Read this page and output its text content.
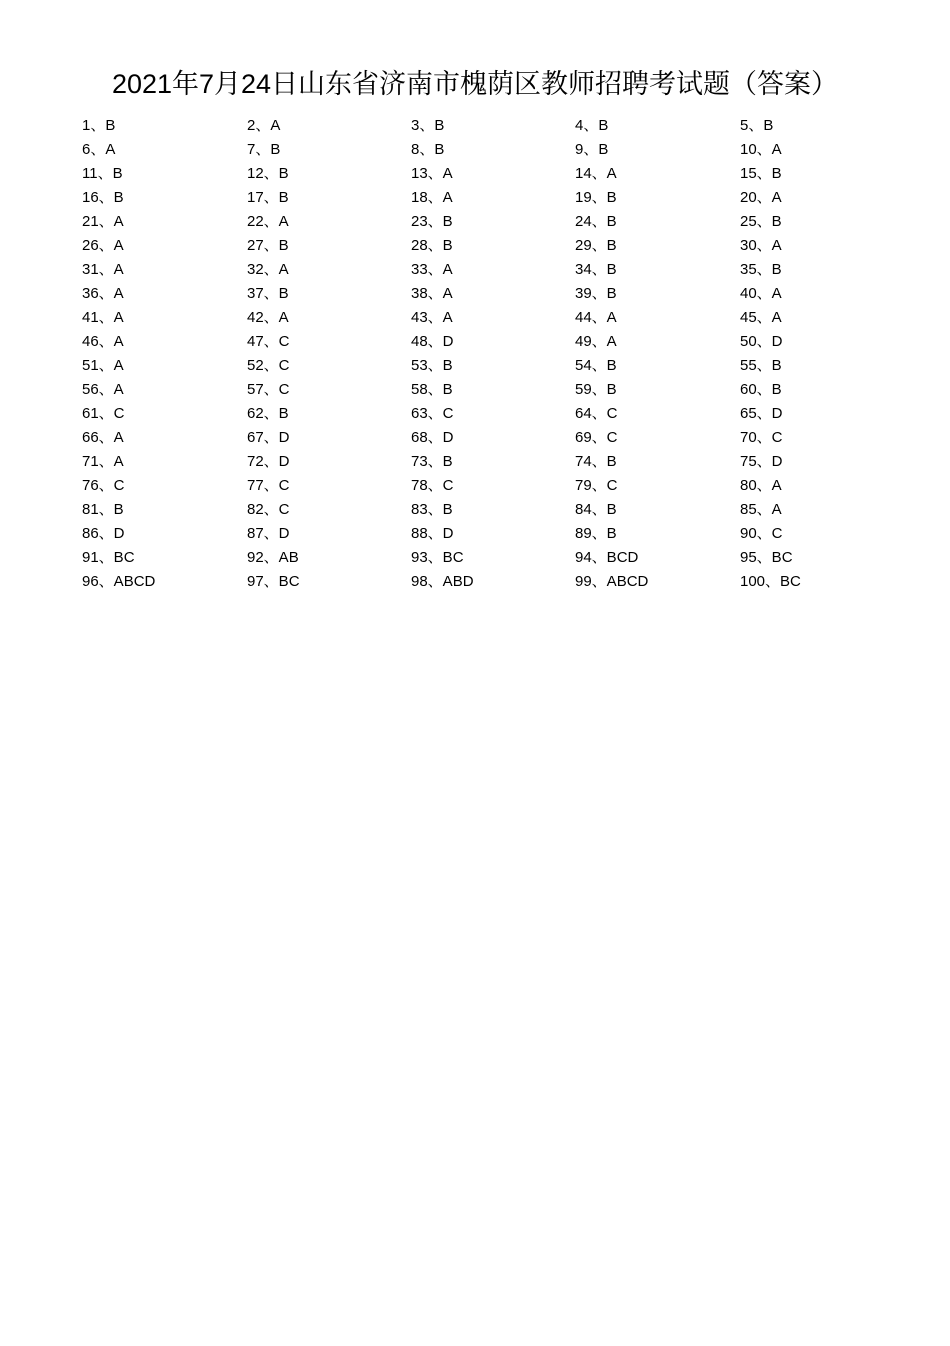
2021年7月24日山东省济南市槐荫区教师招聘考试题（答案）
1、B	2、A	3、B	4、B	5、B
6、A	7、B	8、B	9、B	10、A
11、B	12、B	13、A	14、A	15、B
16、B	17、B	18、A	19、B	20、A
21、A	22、A	23、B	24、B	25、B
26、A	27、B	28、B	29、B	30、A
31、A	32、A	33、A	34、B	35、B
36、A	37、B	38、A	39、B	40、A
41、A	42、A	43、A	44、A	45、A
46、A	47、C	48、D	49、A	50、D
51、A	52、C	53、B	54、B	55、B
56、A	57、C	58、B	59、B	60、B
61、C	62、B	63、C	64、C	65、D
66、A	67、D	68、D	69、C	70、C
71、A	72、D	73、B	74、B	75、D
76、C	77、C	78、C	79、C	80、A
81、B	82、C	83、B	84、B	85、A
86、D	87、D	88、D	89、B	90、C
91、BC	92、AB	93、BC	94、BCD	95、BC
96、ABCD	97、BC	98、ABD	99、ABCD	100、BC
